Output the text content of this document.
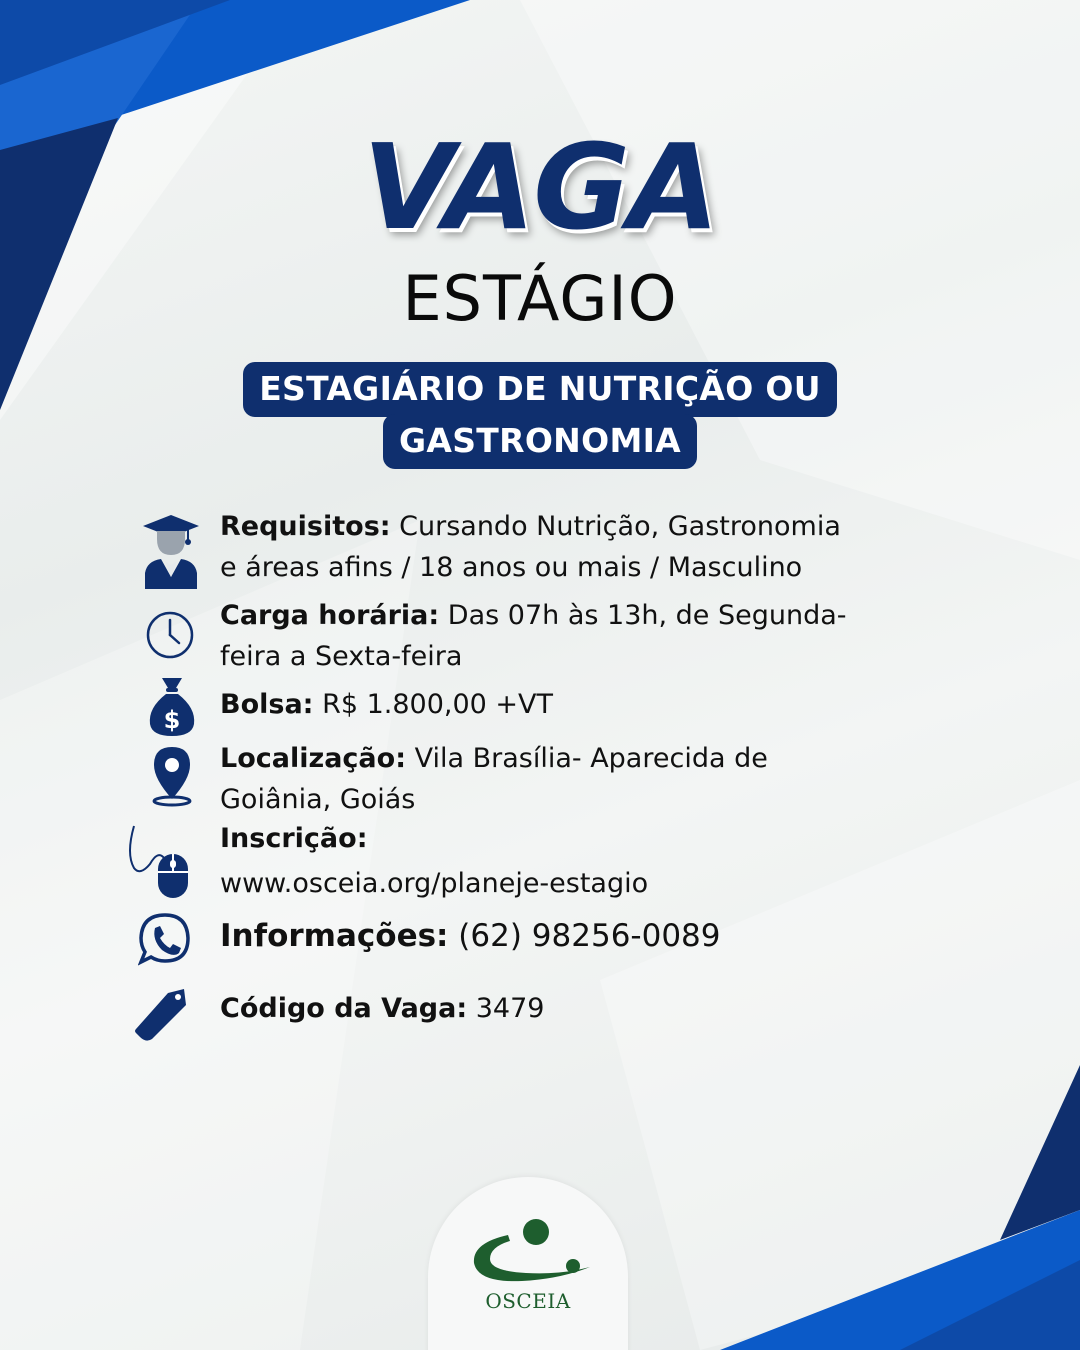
VAGA
ESTÁGIO
ESTAGIÁRIO DE NUTRIÇÃO OU
GASTRONOMIA
Requisitos: Cursando Nutrição, Gastronomia
e áreas afins / 18 anos ou mais / Masculino
Carga horária: Das 07h às 13h, de Segunda-
feira a Sexta-feira
$ Bolsa: R$ 1.800,00 +VT
Localização: Vila Brasília- Aparecida de
Goiânia, Goiás
Inscrição:
www.osceia.org/planeje-estagio
Informações: (62) 98256-0089
Código da Vaga: 3479
OSCEIA
